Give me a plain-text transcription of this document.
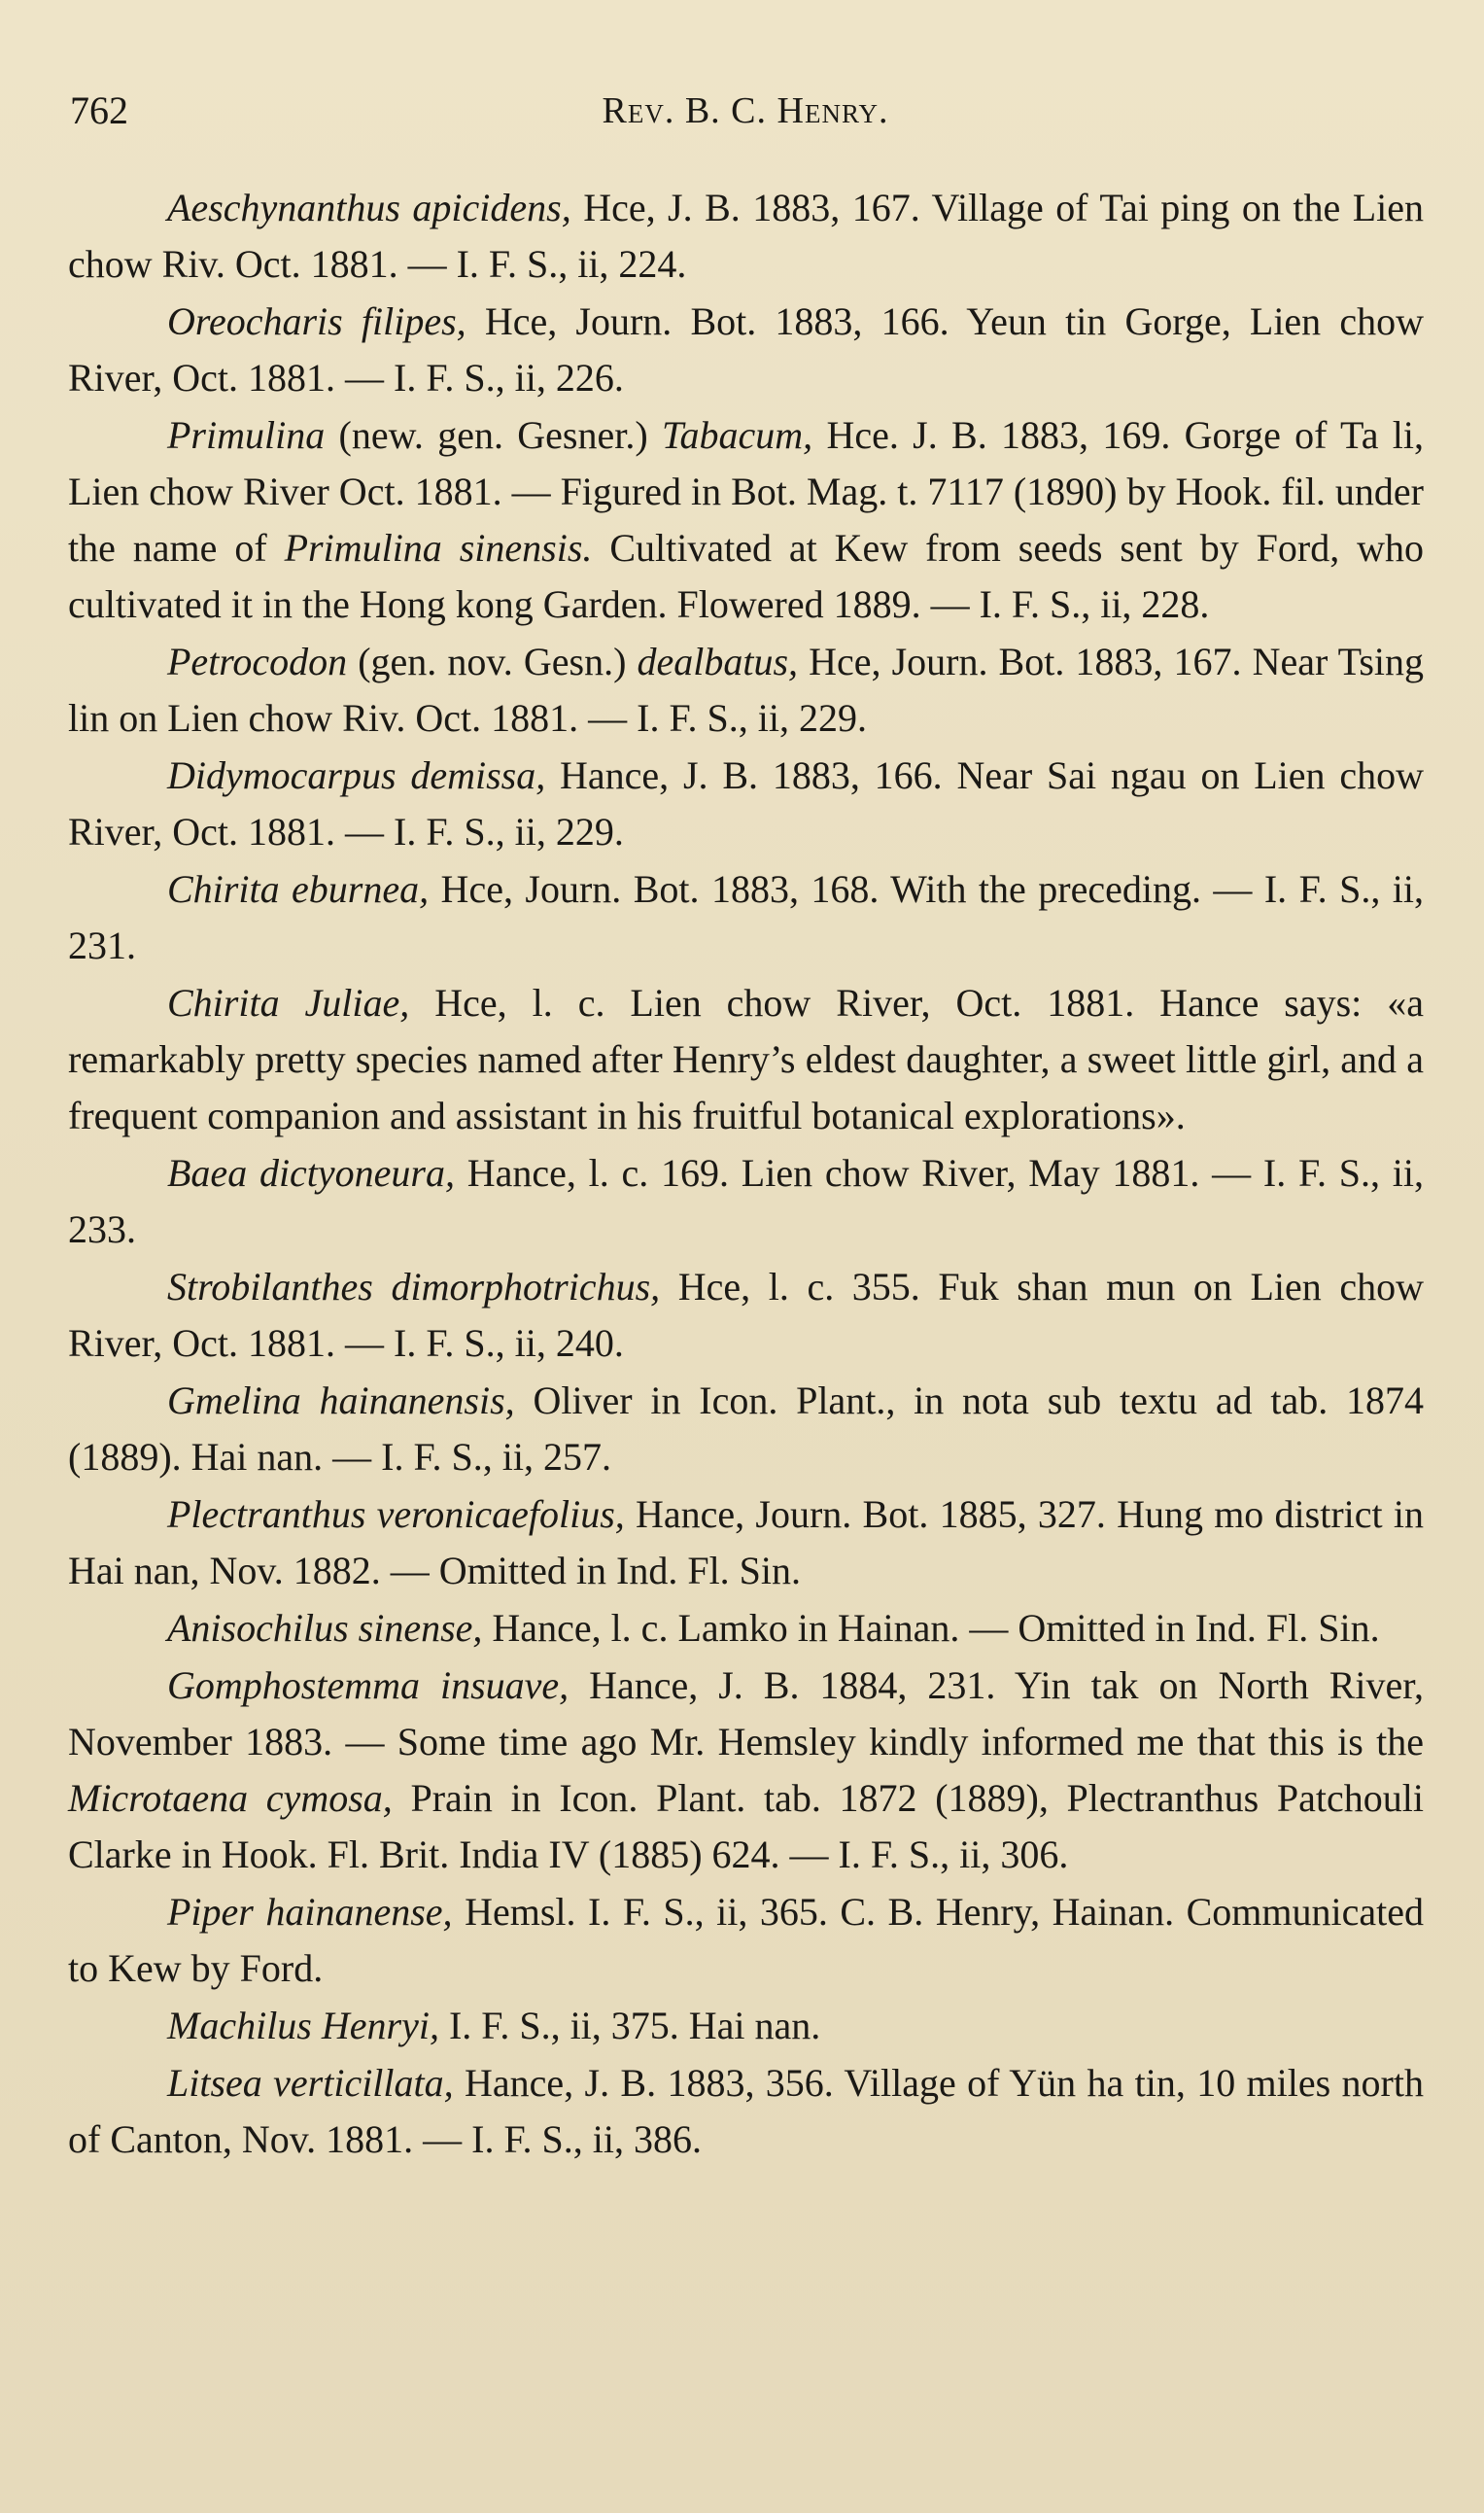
762	Rev. B. C. Henry.

Aeschynanthus apicidens, Hce, J. B. 1883, 167. Village of Tai ping on the Lien chow Riv. Oct. 1881. — I. F. S., ii, 224.

Oreocharis filipes, Hce, Journ. Bot. 1883, 166. Yeun tin Gorge, Lien chow River, Oct. 1881. — I. F. S., ii, 226.

Primulina (new. gen. Gesner.) Tabacum, Hce. J. B. 1883, 169. Gorge of Ta li, Lien chow River Oct. 1881. — Figured in Bot. Mag. t. 7117 (1890) by Hook. fil. under the name of Primulina sinensis. Cultivated at Kew from seeds sent by Ford, who cultivated it in the Hong kong Garden. Flowered 1889. — I. F. S., ii, 228.

Petrocodon (gen. nov. Gesn.) dealbatus, Hce, Journ. Bot. 1883, 167. Near Tsing lin on Lien chow Riv. Oct. 1881. — I. F. S., ii, 229.

Didymocarpus demissa, Hance, J. B. 1883, 166. Near Sai ngau on Lien chow River, Oct. 1881. — I. F. S., ii, 229.

Chirita eburnea, Hce, Journ. Bot. 1883, 168. With the preceding. — I. F. S., ii, 231.

Chirita Juliae, Hce, l. c. Lien chow River, Oct. 1881. Hance says: «a remarkably pretty species named after Henry’s eldest daughter, a sweet little girl, and a frequent companion and assistant in his fruitful botanical explorations».

Baea dictyoneura, Hance, l. c. 169. Lien chow River, May 1881. — I. F. S., ii, 233.

Strobilanthes dimorphotrichus, Hce, l. c. 355. Fuk shan mun on Lien chow River, Oct. 1881. — I. F. S., ii, 240.

Gmelina hainanensis, Oliver in Icon. Plant., in nota sub textu ad tab. 1874 (1889). Hai nan. — I. F. S., ii, 257.

Plectranthus veronicaefolius, Hance, Journ. Bot. 1885, 327. Hung mo district in Hai nan, Nov. 1882. — Omitted in Ind. Fl. Sin.

Anisochilus sinense, Hance, l. c. Lamko in Hainan. — Omitted in Ind. Fl. Sin.

Gomphostemma insuave, Hance, J. B. 1884, 231. Yin tak on North River, November 1883. — Some time ago Mr. Hemsley kindly informed me that this is the Microtaena cymosa, Prain in Icon. Plant. tab. 1872 (1889), Plectranthus Patchouli Clarke in Hook. Fl. Brit. India IV (1885) 624. — I. F. S., ii, 306.

Piper hainanense, Hemsl. I. F. S., ii, 365. C. B. Henry, Hainan. Communicated to Kew by Ford.

Machilus Henryi, I. F. S., ii, 375. Hai nan.

Litsea verticillata, Hance, J. B. 1883, 356. Village of Yün ha tin, 10 miles north of Canton, Nov. 1881. — I. F. S., ii, 386.
